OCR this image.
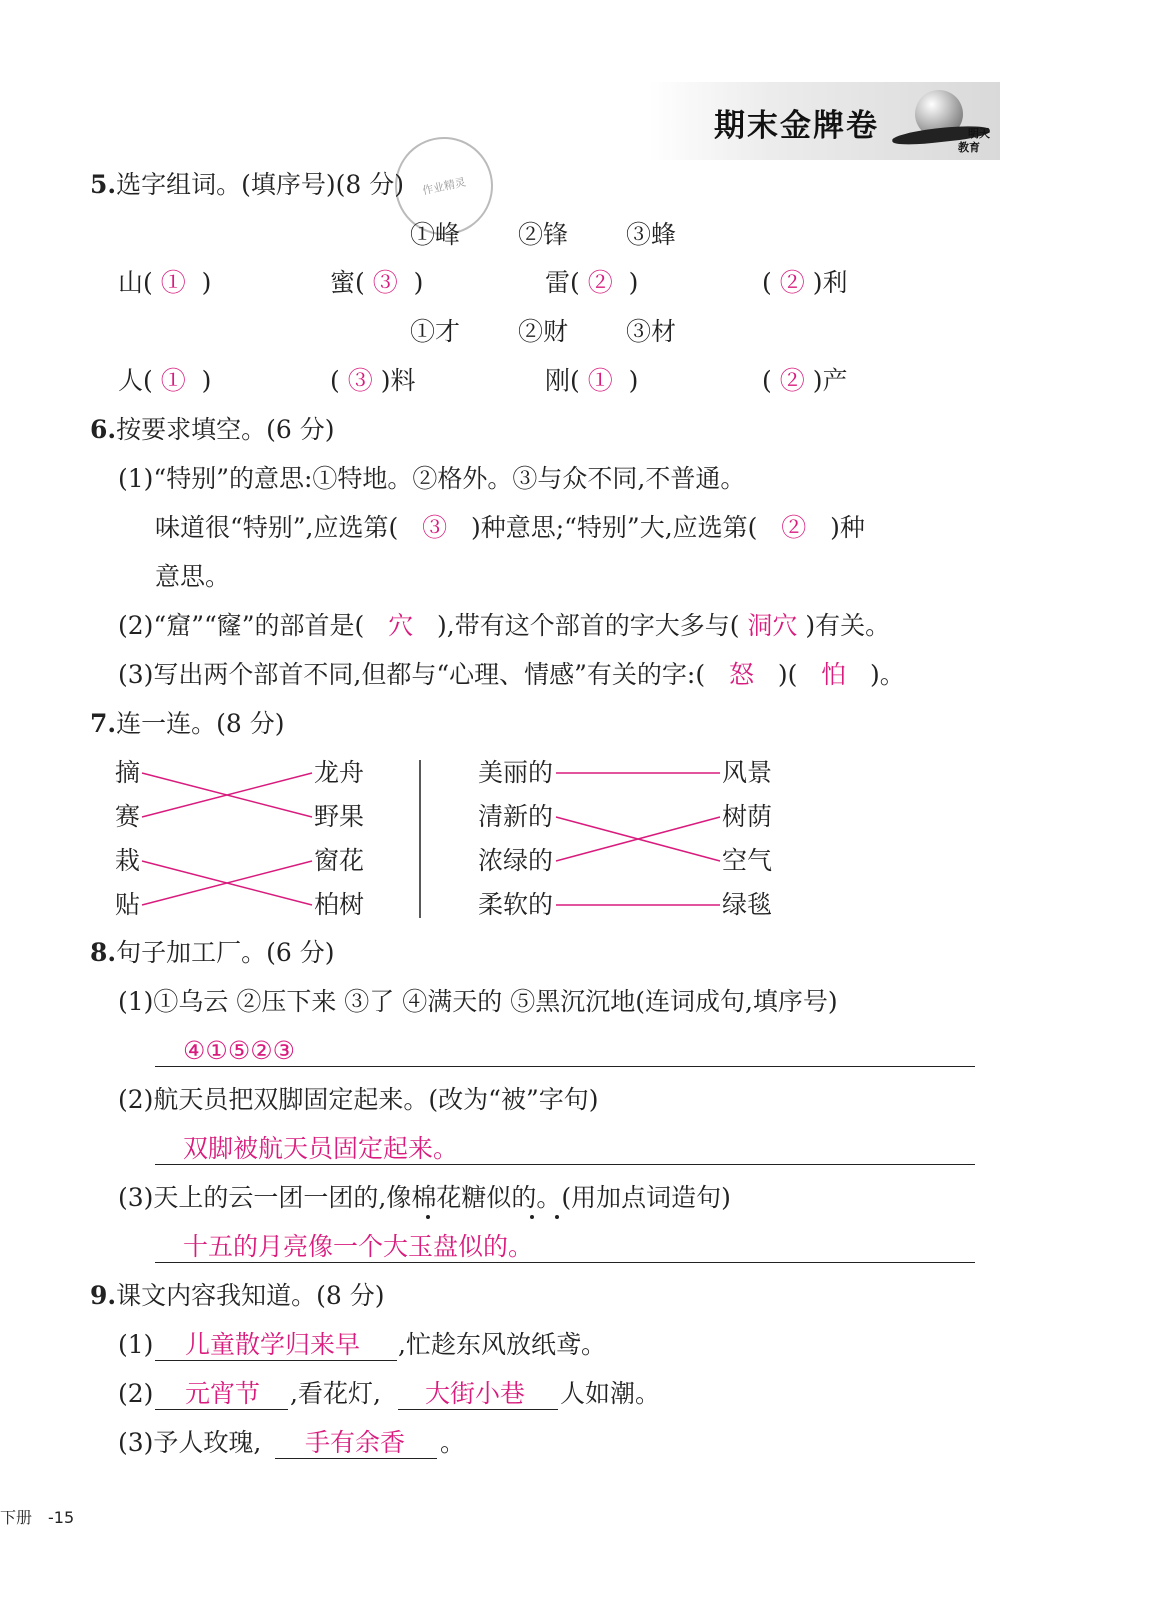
期末金牌卷	明天
教育
作业精灵
5.选字组词。(填序号)(8 分)
①峰 ②锋 ③蜂
山( ① )	蜜( ③ )	雷( ② )	( ② )利
①才 ②财 ③材
人( ① )	( ③ )料	刚( ① )	( ② )产
6.按要求填空。(6 分)
(1)“特别”的意思:①特地。②格外。③与众不同,不普通。
味道很“特别”,应选第( ③ )种意思;“特别”大,应选第( ② )种
意思。
(2)“窟”“窿”的部首是( 穴 ),带有这个部首的字大多与( 洞穴 )有关。
(3)写出两个部首不同,但都与“心理、情感”有关的字:( 怒 )( 怕 )。
7.连一连。(8 分)
摘
赛
栽
贴
龙舟
野果
窗花
柏树
美丽的
清新的
浓绿的
柔软的
风景
树荫
空气
绿毯
8.句子加工厂。(6 分)
(1)①乌云 ②压下来 ③了 ④满天的 ⑤黑沉沉地(连词成句,填序号)
④①⑤②③
(2)航天员把双脚固定起来。(改为“被”字句)
双脚被航天员固定起来。
(3)天上的云一团一团的,像棉花糖似的。(用加点词造句)
十五的月亮像一个大玉盘似的。
9.课文内容我知道。(8 分)
(1) 儿童散学归来早 ,忙趁东风放纸鸢。
(2) 元宵节 ,看花灯, 大街小巷 人如潮。
(3)予人玫瑰, 手有余香 。
下册　-15
